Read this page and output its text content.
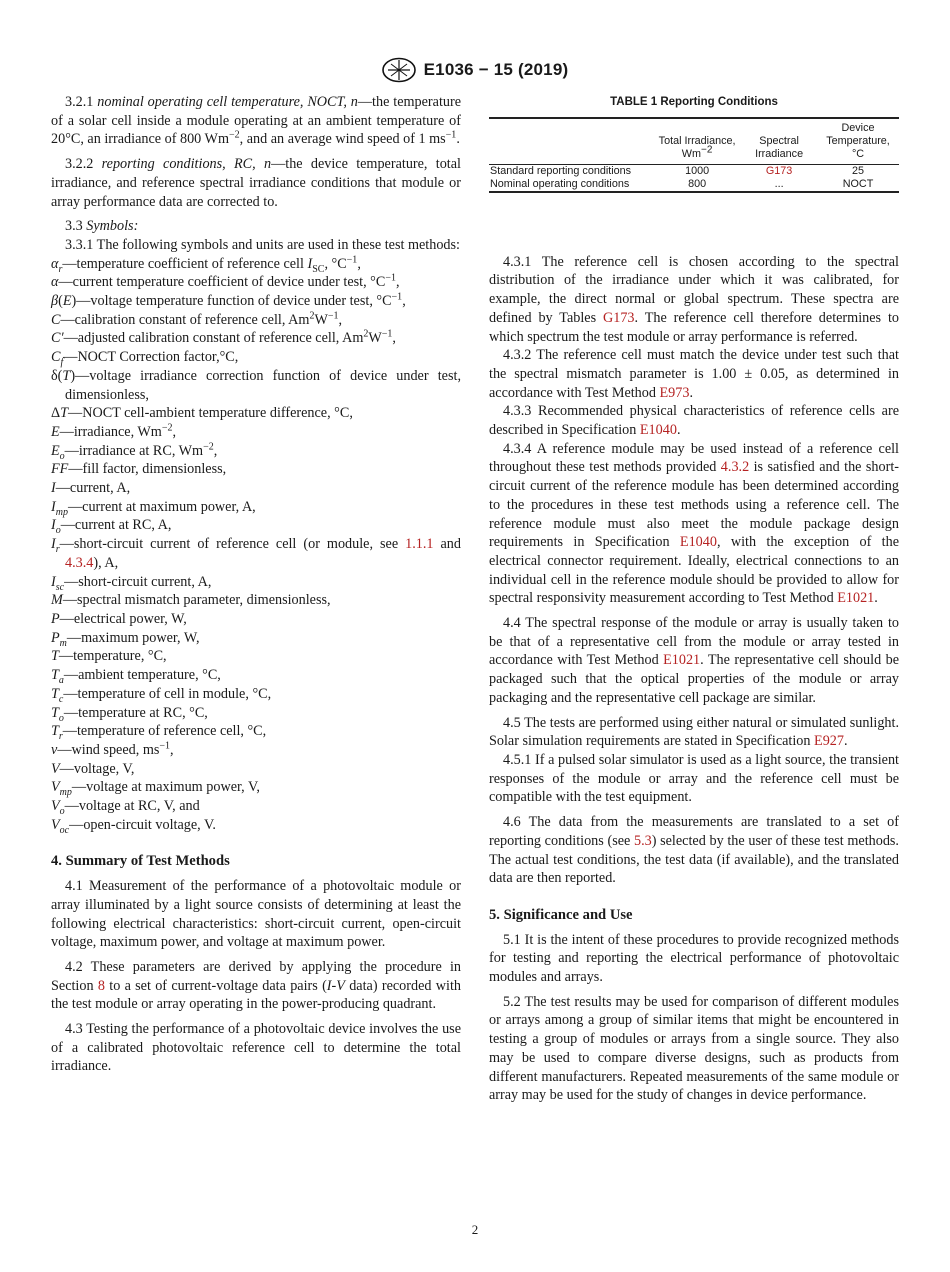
E1036 − 15 (2019)

3.2.1 nominal operating cell temperature, NOCT, n—the temperature of a solar cell inside a module operating at an ambient temperature of 20°C, an irradiance of 800 $Wm^{-2}$, and an average wind speed of 1 $ms^{-1}$.

3.2.2 reporting conditions, RC, n—the device temperature, total irradiance, and reference spectral irradiance conditions that module or array performance data are corrected to.

3.3 Symbols:

3.3.1 The following symbols and units are used in these test methods:

$\alpha_r—temperature$ coefficient of reference cell $I_{SC}$, $^\circ C^{-1}$,

α—current temperature coefficient of device under test, $^\circ C^{-1}$,

β(E)—voltage temperature function of device under test, $^\circ C^{-1}$,

C—calibration constant of reference cell, $Am^2W^{-1}$,

C′—adjusted calibration constant of reference cell, $Am^2W^{-1}$,

$C_f—NOCT$ Correction factor,°C,

δ(T)—voltage irradiance correction function of device under test, dimensionless,

ΔT—NOCT cell-ambient temperature difference, °C,

E—irradiance, $Wm^{-2}$,

$E_o—irradiance$ at RC, $Wm^{-2}$,

FF—fill factor, dimensionless,

I—current, A,

$I_{mp}—current$ at maximum power, A,

$I_o—current$ at RC, A,

$I_r—short$-circuit current of reference cell (or module, see 1.1.1 and 4.3.4), A,

$I_{sc}—short$-circuit current, A,

M—spectral mismatch parameter, dimensionless,

P—electrical power, W,

$P_m—maximum$ power, W,

T—temperature, °C,

$T_a—ambient$ temperature, °C,

$T_c—temperature$ of cell in module, °C,

$T_o—temperature$ at RC, °C,

$T_r—temperature$ of reference cell, °C,

v—wind speed, $ms^{-1}$,

V—voltage, V,

$V_{mp}—voltage$ at maximum power, V,

$V_o—voltage$ at RC, V, and

$V_{oc}—open$-circuit voltage, V.

4. Summary of Test Methods

4.1 Measurement of the performance of a photovoltaic module or array illuminated by a light source consists of determining at least the following electrical characteristics: short-circuit current, open-circuit voltage, maximum power, and voltage at maximum power.

4.2 These parameters are derived by applying the procedure in Section 8 to a set of current-voltage data pairs (I-V data) recorded with the test module or array operating in the power-producing quadrant.

4.3 Testing the performance of a photovoltaic device involves the use of a calibrated photovoltaic reference cell to determine the total irradiance.

TABLE 1 Reporting Conditions
	Total Irradiance, $Wm^{-2}$	Spectral Irradiance	Device Temperature, °C
Standard reporting conditions	1000	G173	25
Nominal operating conditions	800	...	NOCT

4.3.1 The reference cell is chosen according to the spectral distribution of the irradiance under which it was calibrated, for example, the direct normal or global spectrum. These spectra are defined by Tables G173. The reference cell therefore determines to which spectrum the test module or array performance is referred.

4.3.2 The reference cell must match the device under test such that the spectral mismatch parameter is 1.00 ± 0.05, as determined in accordance with Test Method E973.

4.3.3 Recommended physical characteristics of reference cells are described in Specification E1040.

4.3.4 A reference module may be used instead of a reference cell throughout these test methods provided 4.3.2 is satisfied and the short-circuit current of the reference module has been determined according to the procedures in these test methods using a reference cell. The reference module must also meet the module package design requirements in Specification E1040, with the exception of the electrical connector requirement. Ideally, electrical connections to an individual cell in the reference module should be provided to allow for spectral responsivity measurement according to Test Method E1021.

4.4 The spectral response of the module or array is usually taken to be that of a representative cell from the module or array tested in accordance with Test Method E1021. The representative cell should be packaged such that the optical properties of the module or array packaging and the representative cell package are similar.

4.5 The tests are performed using either natural or simulated sunlight. Solar simulation requirements are stated in Specification E927.

4.5.1 If a pulsed solar simulator is used as a light source, the transient responses of the module or array and the reference cell must be compatible with the test equipment.

4.6 The data from the measurements are translated to a set of reporting conditions (see 5.3) selected by the user of these test methods. The actual test conditions, the test data (if available), and the translated data are then reported.

5. Significance and Use

5.1 It is the intent of these procedures to provide recognized methods for testing and reporting the electrical performance of photovoltaic modules and arrays.

5.2 The test results may be used for comparison of different modules or arrays among a group of similar items that might be encountered in testing a group of modules or arrays from a single source. They also may be used to compare diverse designs, such as products from different manufacturers. Repeated measurements of the same module or array may be used for the study of changes in device performance.

2
